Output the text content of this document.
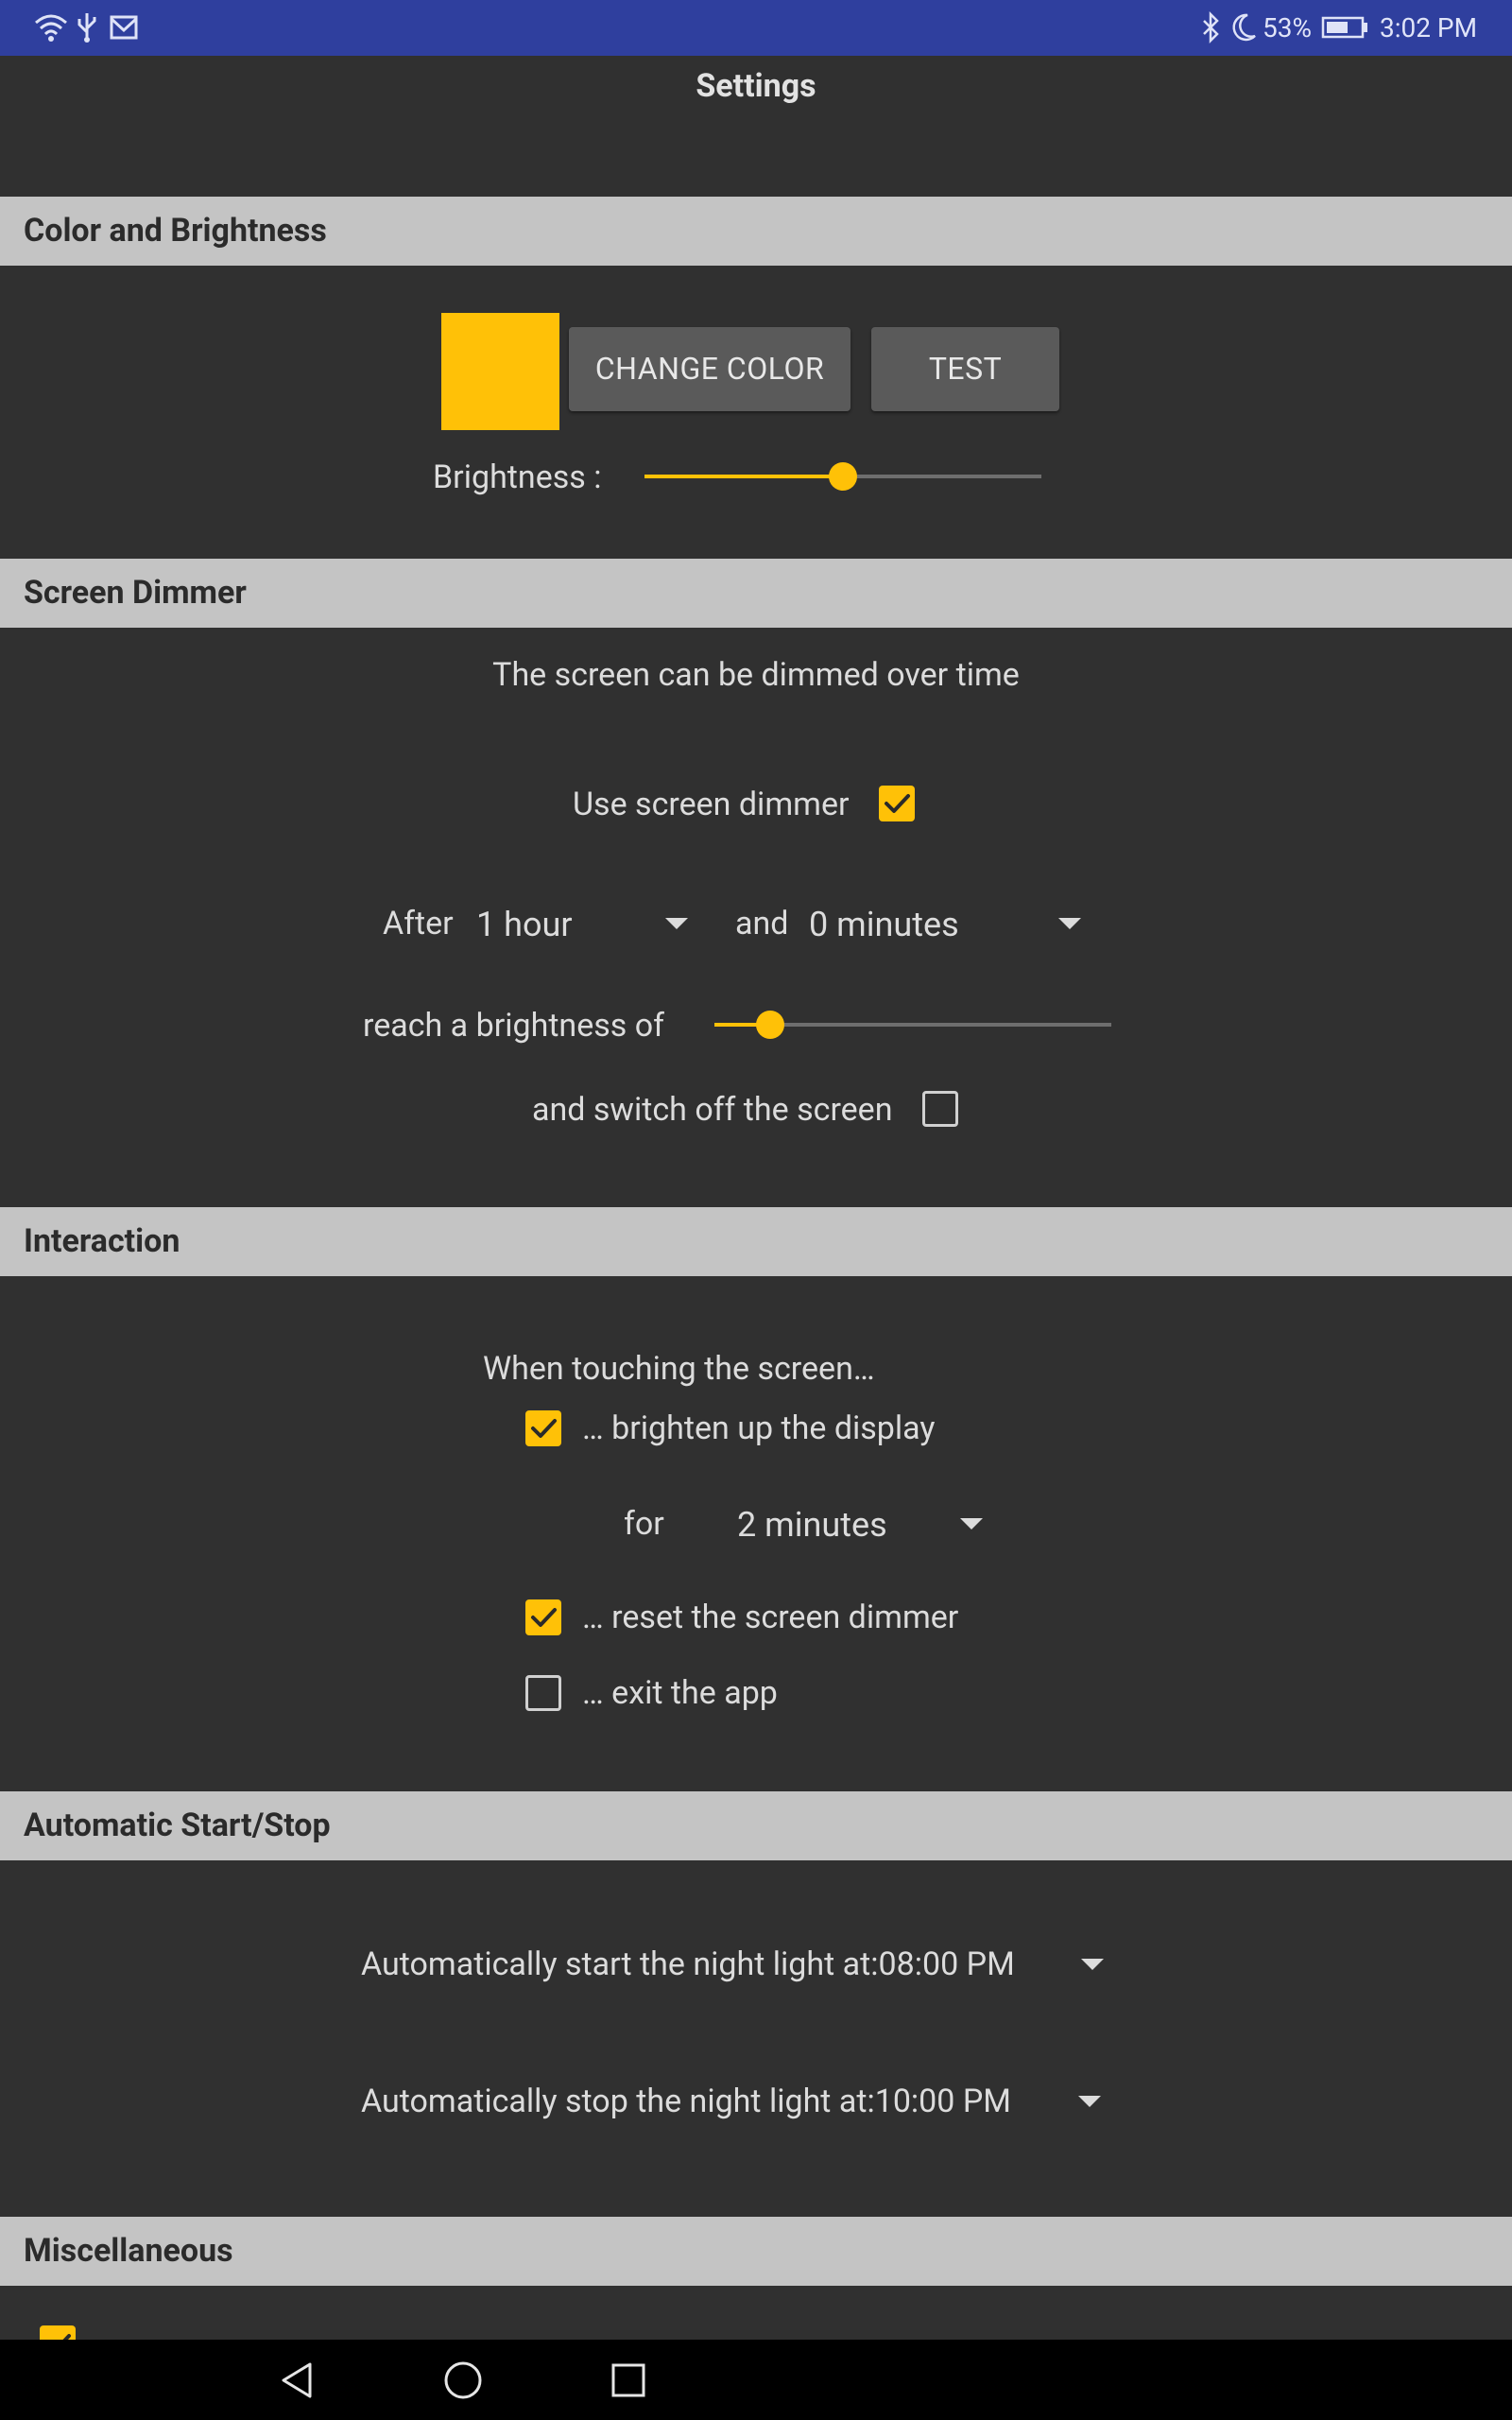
53%	3:02 PM
Settings
Color and Brightness
CHANGE COLOR	TEST
Brightness :
Screen Dimmer
The screen can be dimmed over time
Use screen dimmer
After 1 hour	and 0 minutes
reach a brightness of
and switch off the screen
Interaction
When touching the screen…
… brighten up the display
for 2 minutes
… reset the screen dimmer
… exit the app
Automatic Start/Stop
Automatically start the night light at:08:00 PM
Automatically stop the night light at:10:00 PM
Miscellaneous
